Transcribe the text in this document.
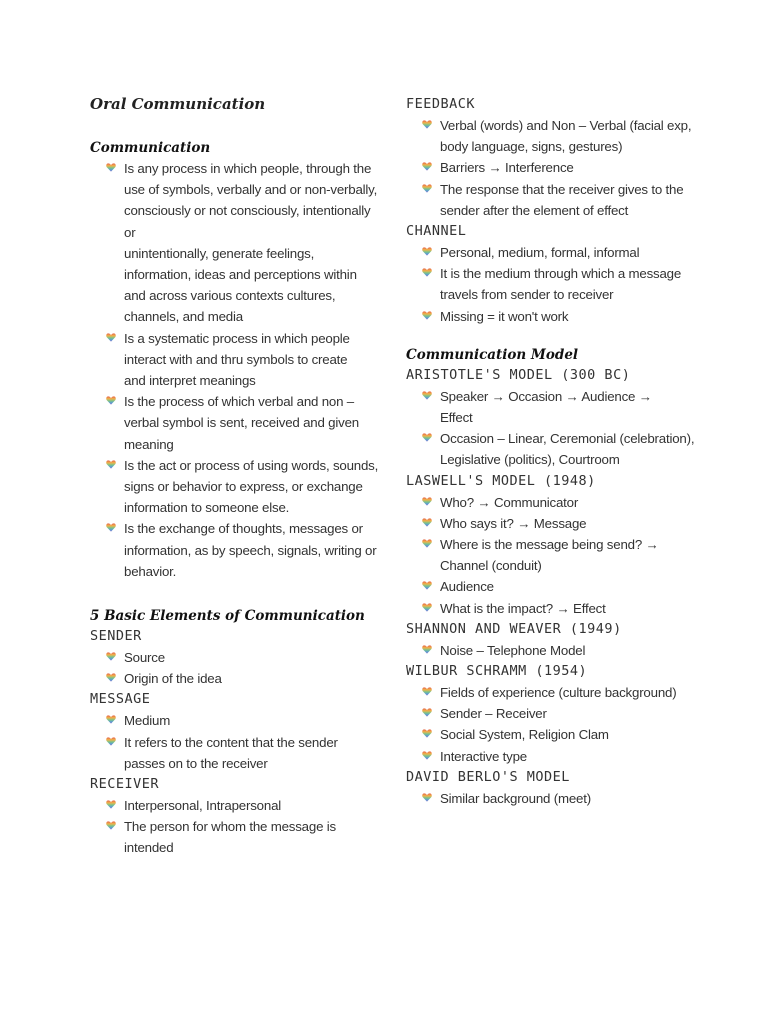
Oral Communication
Communication
Is any process in which people, through the
use of symbols, verbally and or non-verbally,
consciously or not consciously, intentionally or
unintentionally, generate feelings,
information, ideas and perceptions within
and across various contexts cultures,
channels, and media
Is a systematic process in which people
interact with and thru symbols to create
and interpret meanings
Is the process of which verbal and non –
verbal symbol is sent, received and given
meaning
Is the act or process of using words, sounds,
signs or behavior to express, or exchange
information to someone else.
Is the exchange of thoughts, messages or
information, as by speech, signals, writing or
behavior.
5 Basic Elements of Communication
SENDER
Source
Origin of the idea
MESSAGE
Medium
It refers to the content that the sender
passes on to the receiver
RECEIVER
Interpersonal, Intrapersonal
The person for whom the message is
intended
FEEDBACK
Verbal (words) and Non – Verbal (facial exp,
body language, signs, gestures)
Barriers → Interference
The response that the receiver gives to the
sender after the element of effect
CHANNEL
Personal, medium, formal, informal
It is the medium through which a message
travels from sender to receiver
Missing = it won't work
Communication Model
ARISTOTLE'S MODEL (300 BC)
Speaker → Occasion → Audience →
Effect
Occasion – Linear, Ceremonial (celebration),
Legislative (politics), Courtroom
LASWELL'S MODEL (1948)
Who? → Communicator
Who says it? → Message
Where is the message being send? →
Channel (conduit)
Audience
What is the impact? → Effect
SHANNON AND WEAVER (1949)
Noise – Telephone Model
WILBUR SCHRAMM (1954)
Fields of experience (culture background)
Sender – Receiver
Social System, Religion Clam
Interactive type
DAVID BERLO'S MODEL
Similar background (meet)
